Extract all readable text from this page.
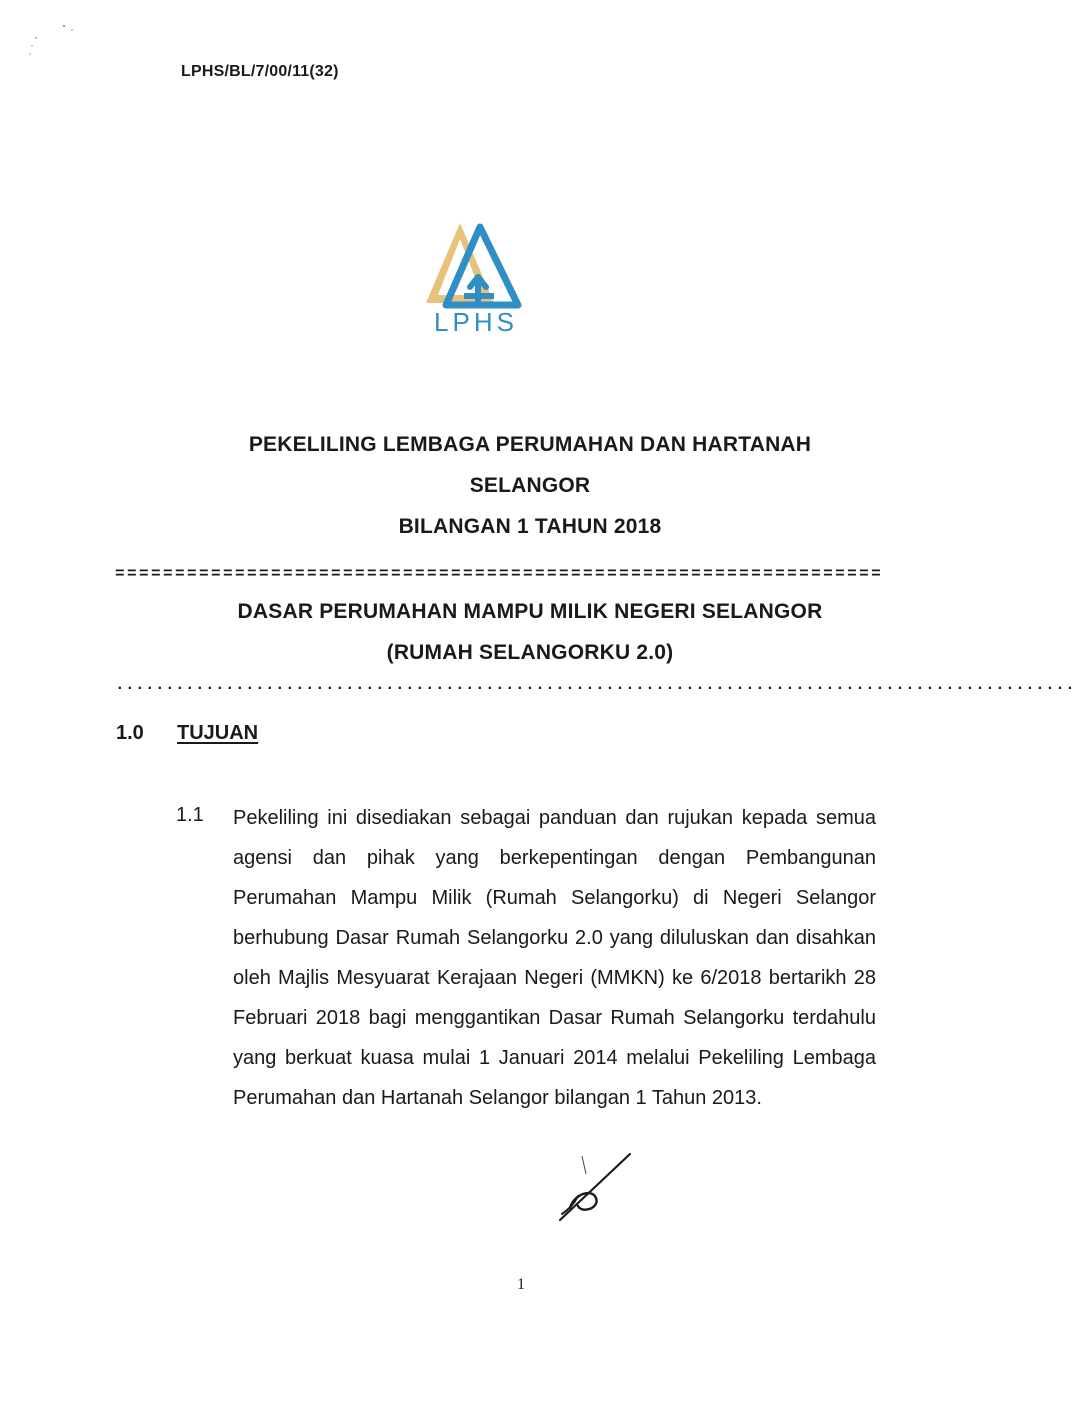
LPHS/BL/7/00/11(32)
LPHS
PEKELILING LEMBAGA PERUMAHAN DAN HARTANAH
SELANGOR
BILANGAN 1 TAHUN 2018
================================================================
DASAR PERUMAHAN MAMPU MILIK NEGERI SELANGOR
(RUMAH SELANGORKU 2.0)
................................................................................................
1.0 TUJUAN
1.1 Pekeliling ini disediakan sebagai panduan dan rujukan kepada semua agensi dan pihak yang berkepentingan dengan Pembangunan Perumahan Mampu Milik (Rumah Selangorku) di Negeri Selangor berhubung Dasar Rumah Selangorku 2.0 yang diluluskan dan disahkan oleh Majlis Mesyuarat Kerajaan Negeri (MMKN) ke 6/2018 bertarikh 28 Februari 2018 bagi menggantikan Dasar Rumah Selangorku terdahulu yang berkuat kuasa mulai 1 Januari 2014 melalui Pekeliling Lembaga Perumahan dan Hartanah Selangor bilangan 1 Tahun 2013.
1
